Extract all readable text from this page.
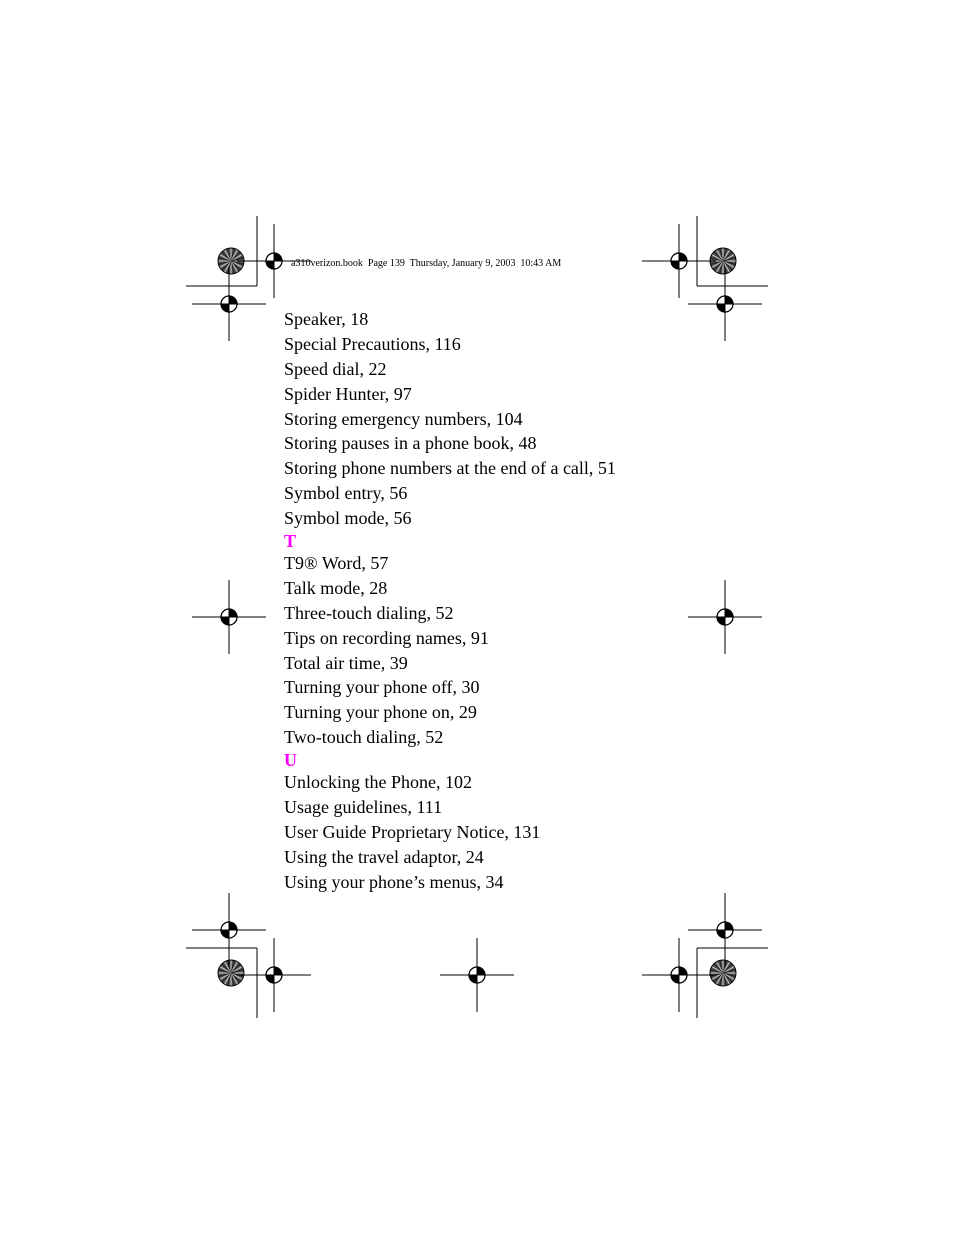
a310verizon.book  Page 139  Thursday, January 9, 2003  10:43 AM
Speaker, 18
Special Precautions, 116
Speed dial, 22
Spider Hunter, 97
Storing emergency numbers, 104
Storing pauses in a phone book, 48
Storing phone numbers at the end of a call, 51
Symbol entry, 56
Symbol mode, 56
T
T9® Word, 57
Talk mode, 28
Three-touch dialing, 52
Tips on recording names, 91
Total air time, 39
Turning your phone off, 30
Turning your phone on, 29
Two-touch dialing, 52
U
Unlocking the Phone, 102
Usage guidelines, 111
User Guide Proprietary Notice, 131
Using the travel adaptor, 24
Using your phone’s menus, 34
